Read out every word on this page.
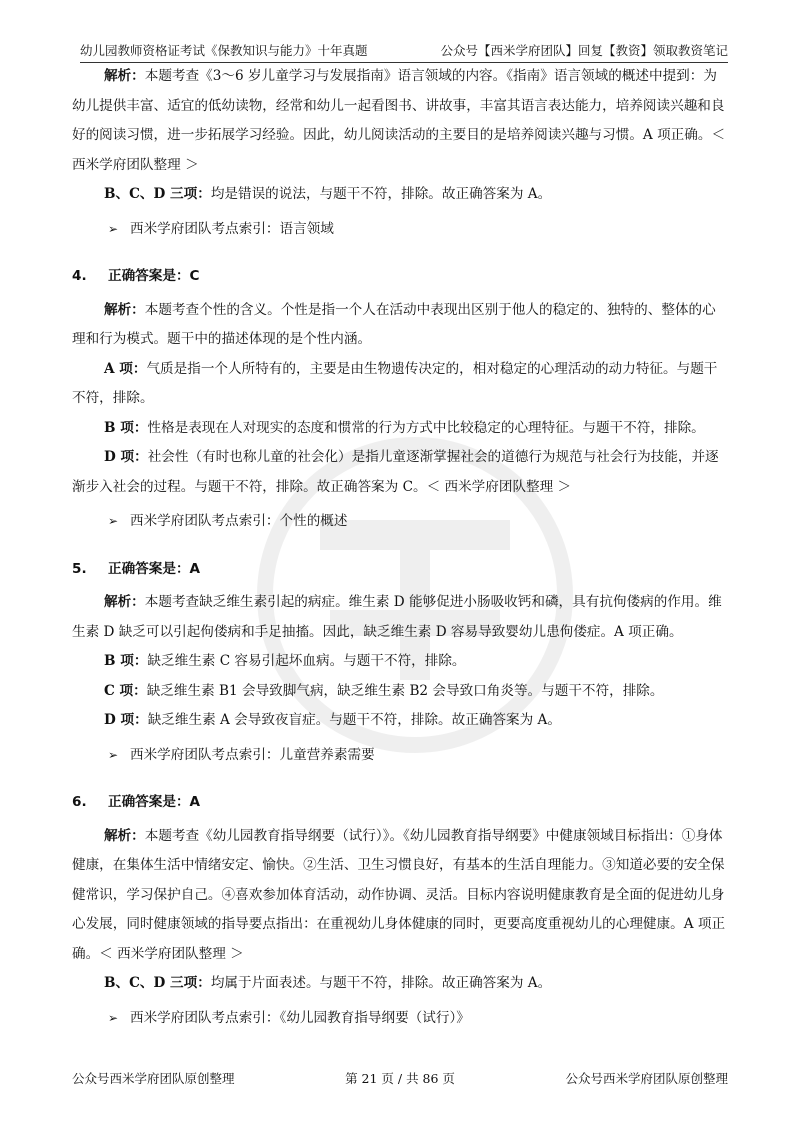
幼儿园教师资格证考试《保教知识与能力》十年真题	公众号【西米学府团队】回复【教资】领取教资笔记

解析：本题考查《3～6 岁儿童学习与发展指南》语言领域的内容。《指南》语言领域的概述中提到：为幼儿提供丰富、适宜的低幼读物，经常和幼儿一起看图书、讲故事，丰富其语言表达能力，培养阅读兴趣和良好的阅读习惯，进一步拓展学习经验。因此，幼儿阅读活动的主要目的是培养阅读兴趣与习惯。A 项正确。＜ 西米学府团队整理 ＞

B、C、D 三项：均是错误的说法，与题干不符，排除。故正确答案为 A。

➢ 西米学府团队考点索引：语言领域
4. 正确答案是：C

解析：本题考查个性的含义。个性是指一个人在活动中表现出区别于他人的稳定的、独特的、整体的心理和行为模式。题干中的描述体现的是个性内涵。

A 项：气质是指一个人所特有的，主要是由生物遗传决定的，相对稳定的心理活动的动力特征。与题干不符，排除。

B 项：性格是表现在人对现实的态度和惯常的行为方式中比较稳定的心理特征。与题干不符，排除。

D 项：社会性（有时也称儿童的社会化）是指儿童逐渐掌握社会的道德行为规范与社会行为技能，并逐渐步入社会的过程。与题干不符，排除。故正确答案为 C。＜ 西米学府团队整理 ＞

➢ 西米学府团队考点索引：个性的概述
5. 正确答案是：A

解析：本题考查缺乏维生素引起的病症。维生素 D 能够促进小肠吸收钙和磷，具有抗佝偻病的作用。维生素 D 缺乏可以引起佝偻病和手足抽搐。因此，缺乏维生素 D 容易导致婴幼儿患佝偻症。A 项正确。

B 项：缺乏维生素 C 容易引起坏血病。与题干不符，排除。

C 项：缺乏维生素 B1 会导致脚气病，缺乏维生素 B2 会导致口角炎等。与题干不符，排除。

D 项：缺乏维生素 A 会导致夜盲症。与题干不符，排除。故正确答案为 A。

➢ 西米学府团队考点索引：儿童营养素需要
6. 正确答案是：A

解析：本题考查《幼儿园教育指导纲要（试行）》。《幼儿园教育指导纲要》中健康领域目标指出：①身体健康，在集体生活中情绪安定、愉快。②生活、卫生习惯良好，有基本的生活自理能力。③知道必要的安全保健常识，学习保护自己。④喜欢参加体育活动，动作协调、灵活。目标内容说明健康教育是全面的促进幼儿身心发展，同时健康领域的指导要点指出：在重视幼儿身体健康的同时，更要高度重视幼儿的心理健康。A 项正确。＜ 西米学府团队整理 ＞

B、C、D 三项：均属于片面表述。与题干不符，排除。故正确答案为 A。

➢ 西米学府团队考点索引：《幼儿园教育指导纲要（试行）》
公众号西米学府团队原创整理	第 21 页 / 共 86 页	公众号西米学府团队原创整理
